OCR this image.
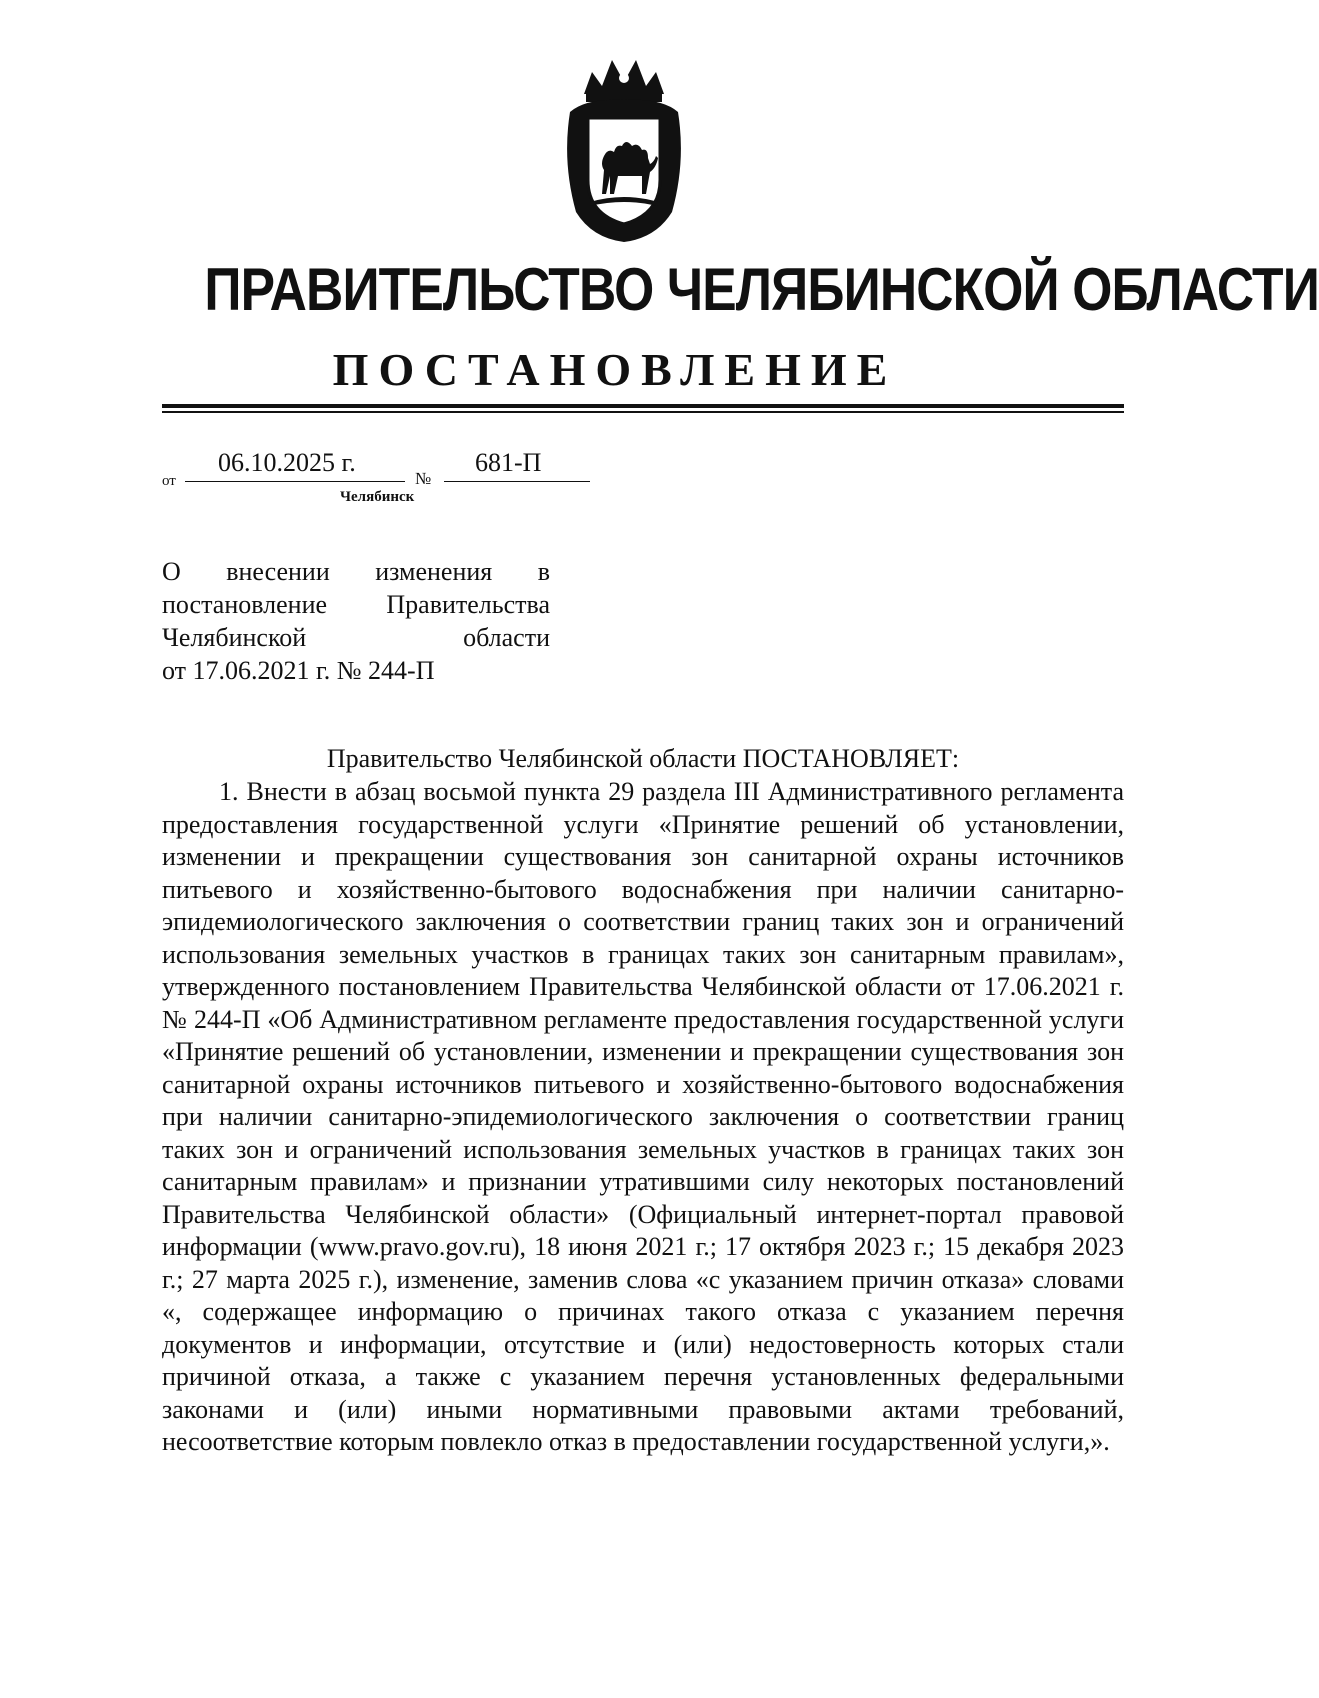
ПРАВИТЕЛЬСТВО ЧЕЛЯБИНСКОЙ ОБЛАСТИ
ПОСТАНОВЛЕНИЕ
от
06.10.2025 г.
№
681-П
Челябинск
О внесении изменения в
постановление Правительства
Челябинской области
от 17.06.2021 г. № 244-П
Правительство Челябинской области ПОСТАНОВЛЯЕТ:

1. Внести в абзац восьмой пункта 29 раздела III Административного регламента предоставления государственной услуги «Принятие решений об установлении, изменении и прекращении существования зон санитарной охраны источников питьевого и хозяйственно-бытового водоснабжения при наличии санитарно-эпидемиологического заключения о соответствии границ таких зон и ограничений использования земельных участков в границах таких зон санитарным правилам», утвержденного постановлением Правительства Челябинской области от 17.06.2021 г. № 244-П «Об Административном регламенте предоставления государственной услуги «Принятие решений об установлении, изменении и прекращении существования зон санитарной охраны источников питьевого и хозяйственно-бытового водоснабжения при наличии санитарно-эпидемиологического заключения о соответствии границ таких зон и ограничений использования земельных участков в границах таких зон санитарным правилам» и признании утратившими силу некоторых постановлений Правительства Челябинской области» (Официальный интернет-портал правовой информации (www.pravo.gov.ru), 18 июня 2021 г.; 17 октября 2023 г.; 15 декабря 2023 г.; 27 марта 2025 г.), изменение, заменив слова «с указанием причин отказа» словами «, содержащее информацию о причинах такого отказа с указанием перечня документов и информации, отсутствие и (или) недостоверность которых стали причиной отказа, а также с указанием перечня установленных федеральными законами и (или) иными нормативными правовыми актами требований, несоответствие которым повлекло отказ в предоставлении государственной услуги,».
